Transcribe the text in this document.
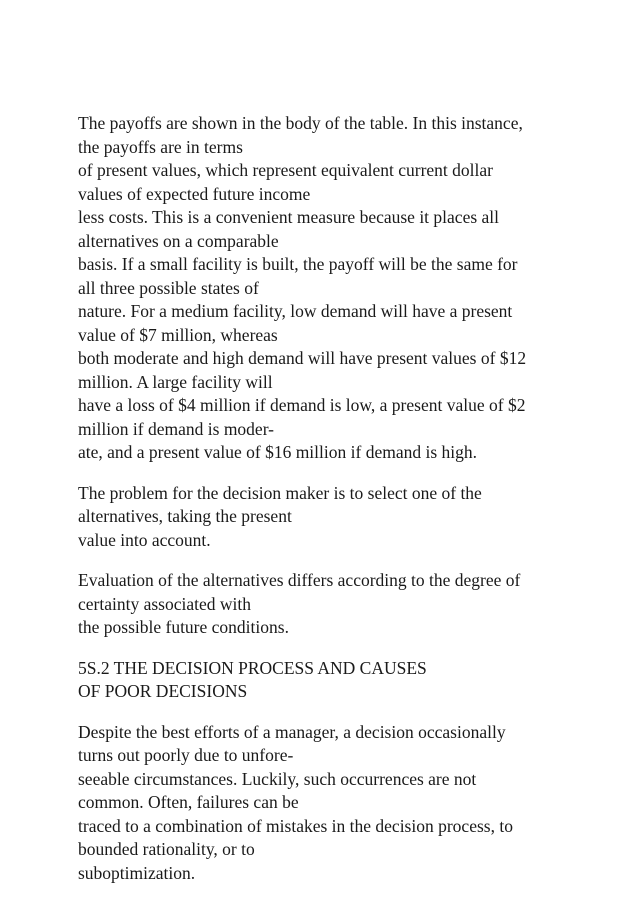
The payoffs are shown in the body of the table. In this instance,
the payoffs are in terms
of present values, which represent equivalent current dollar
values of expected future income
less costs. This is a convenient measure because it places all
alternatives on a comparable
basis. If a small facility is built, the payoff will be the same for
all three possible states of
nature. For a medium facility, low demand will have a present
value of $7 million, whereas
both moderate and high demand will have present values of $12
million. A large facility will
have a loss of $4 million if demand is low, a present value of $2
million if demand is moder-
ate, and a present value of $16 million if demand is high.

The problem for the decision maker is to select one of the
alternatives, taking the present
value into account.

Evaluation of the alternatives differs according to the degree of
certainty associated with
the possible future conditions.

5S.2 THE DECISION PROCESS AND CAUSES
OF POOR DECISIONS

Despite the best efforts of a manager, a decision occasionally
turns out poorly due to unfore-
seeable circumstances. Luckily, such occurrences are not
common. Often, failures can be
traced to a combination of mistakes in the decision process, to
bounded rationality, or to
suboptimization.
